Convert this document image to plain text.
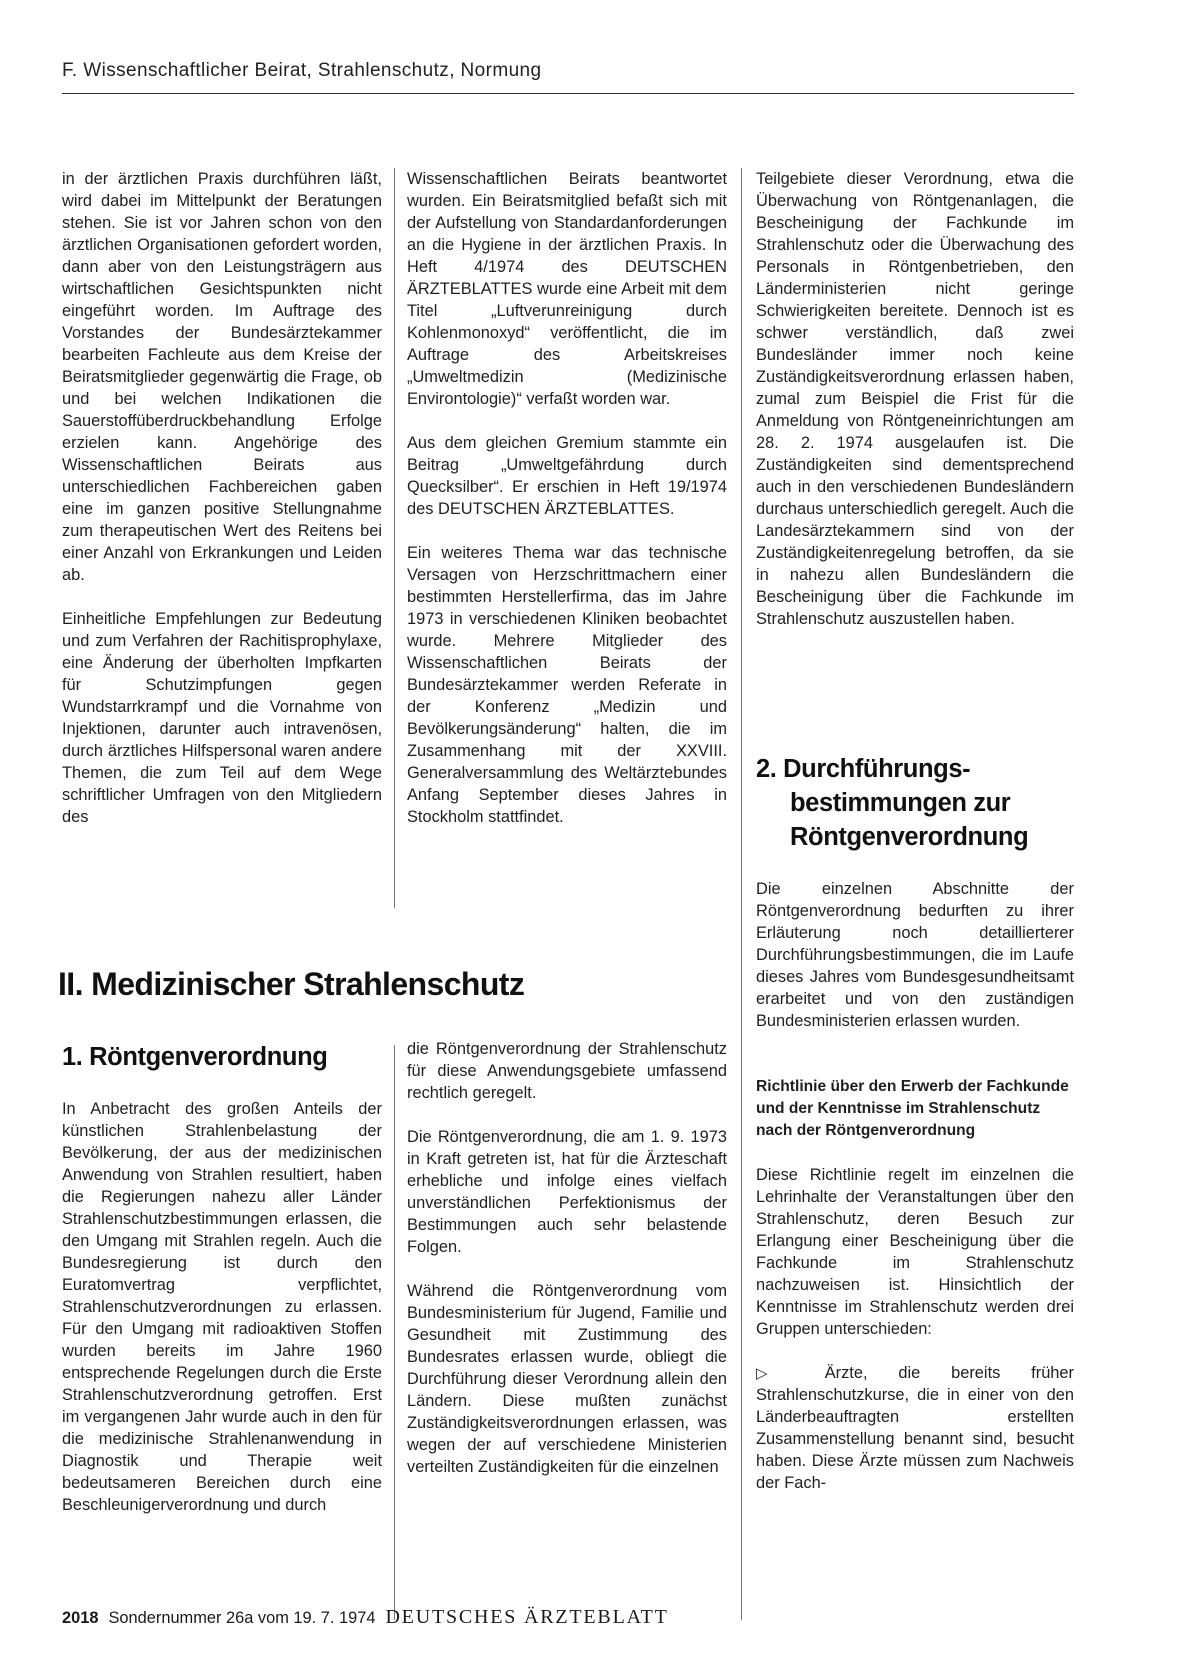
F. Wissenschaftlicher Beirat, Strahlenschutz, Normung

in der ärztlichen Praxis durchführen läßt, wird dabei im Mittelpunkt der Beratungen stehen. Sie ist vor Jahren schon von den ärztlichen Organisationen gefordert worden, dann aber von den Leistungsträgern aus wirtschaftlichen Gesichtspunkten nicht eingeführt worden. Im Auftrage des Vorstandes der Bundesärztekammer bearbeiten Fachleute aus dem Kreise der Beiratsmitglieder gegenwärtig die Frage, ob und bei welchen Indikationen die Sauerstoffüberdruckbehandlung Erfolge erzielen kann. Angehörige des Wissenschaftlichen Beirats aus unterschiedlichen Fachbereichen gaben eine im ganzen positive Stellungnahme zum therapeutischen Wert des Reitens bei einer Anzahl von Erkrankungen und Leiden ab.

Einheitliche Empfehlungen zur Bedeutung und zum Verfahren der Rachitisprophylaxe, eine Änderung der überholten Impfkarten für Schutzimpfungen gegen Wundstarrkrampf und die Vornahme von Injektionen, darunter auch intravenösen, durch ärztliches Hilfspersonal waren andere Themen, die zum Teil auf dem Wege schriftlicher Umfragen von den Mitgliedern des

Wissenschaftlichen Beirats beantwortet wurden. Ein Beiratsmitglied befaßt sich mit der Aufstellung von Standardanforderungen an die Hygiene in der ärztlichen Praxis. In Heft 4/1974 des DEUTSCHEN ÄRZTEBLATTES wurde eine Arbeit mit dem Titel „Luftverunreinigung durch Kohlenmonoxyd“ veröffentlicht, die im Auftrage des Arbeitskreises „Umweltmedizin (Medizinische Environtologie)“ verfaßt worden war.

Aus dem gleichen Gremium stammte ein Beitrag „Umweltgefährdung durch Quecksilber“. Er erschien in Heft 19/1974 des DEUTSCHEN ÄRZTEBLATTES.

Ein weiteres Thema war das technische Versagen von Herzschrittmachern einer bestimmten Herstellerfirma, das im Jahre 1973 in verschiedenen Kliniken beobachtet wurde. Mehrere Mitglieder des Wissenschaftlichen Beirats der Bundesärztekammer werden Referate in der Konferenz „Medizin und Bevölkerungsänderung“ halten, die im Zusammenhang mit der XXVIII. Generalversammlung des Weltärztebundes Anfang September dieses Jahres in Stockholm stattfindet.

Teilgebiete dieser Verordnung, etwa die Überwachung von Röntgenanlagen, die Bescheinigung der Fachkunde im Strahlenschutz oder die Überwachung des Personals in Röntgenbetrieben, den Länderministerien nicht geringe Schwierigkeiten bereitete. Dennoch ist es schwer verständlich, daß zwei Bundesländer immer noch keine Zuständigkeitsverordnung erlassen haben, zumal zum Beispiel die Frist für die Anmeldung von Röntgeneinrichtungen am 28. 2. 1974 ausgelaufen ist. Die Zuständigkeiten sind dementsprechend auch in den verschiedenen Bundesländern durchaus unterschiedlich geregelt. Auch die Landesärztekammern sind von der Zuständigkeitenregelung betroffen, da sie in nahezu allen Bundesländern die Bescheinigung über die Fachkunde im Strahlenschutz auszustellen haben.

2. Durchführungs-
bestimmungen zur
Röntgenverordnung

Die einzelnen Abschnitte der Röntgenverordnung bedurften zu ihrer Erläuterung noch detaillierterer Durchführungsbestimmungen, die im Laufe dieses Jahres vom Bundesgesundheitsamt erarbeitet und von den zuständigen Bundesministerien erlassen wurden.

Richtlinie über den Erwerb der Fachkunde und der Kenntnisse im Strahlenschutz nach der Röntgenverordnung

Diese Richtlinie regelt im einzelnen die Lehrinhalte der Veranstaltungen über den Strahlenschutz, deren Besuch zur Erlangung einer Bescheinigung über die Fachkunde im Strahlenschutz nachzuweisen ist. Hinsichtlich der Kenntnisse im Strahlenschutz werden drei Gruppen unterschieden:

▷ Ärzte, die bereits früher Strahlenschutzkurse, die in einer von den Länderbeauftragten erstellten Zusammenstellung benannt sind, besucht haben. Diese Ärzte müssen zum Nachweis der Fach-

II. Medizinischer Strahlenschutz
1. Röntgenverordnung

In Anbetracht des großen Anteils der künstlichen Strahlenbelastung der Bevölkerung, der aus der medizinischen Anwendung von Strahlen resultiert, haben die Regierungen nahezu aller Länder Strahlenschutzbestimmungen erlassen, die den Umgang mit Strahlen regeln. Auch die Bundesregierung ist durch den Euratomvertrag verpflichtet, Strahlenschutzverordnungen zu erlassen. Für den Umgang mit radioaktiven Stoffen wurden bereits im Jahre 1960 entsprechende Regelungen durch die Erste Strahlenschutzverordnung getroffen. Erst im vergangenen Jahr wurde auch in den für die medizinische Strahlenanwendung in Diagnostik und Therapie weit bedeutsameren Bereichen durch eine Beschleunigerverordnung und durch

die Röntgenverordnung der Strahlenschutz für diese Anwendungsgebiete umfassend rechtlich geregelt.

Die Röntgenverordnung, die am 1. 9. 1973 in Kraft getreten ist, hat für die Ärzteschaft erhebliche und infolge eines vielfach unverständlichen Perfektionismus der Bestimmungen auch sehr belastende Folgen.

Während die Röntgenverordnung vom Bundesministerium für Jugend, Familie und Gesundheit mit Zustimmung des Bundesrates erlassen wurde, obliegt die Durchführung dieser Verordnung allein den Ländern. Diese mußten zunächst Zuständigkeitsverordnungen erlassen, was wegen der auf verschiedene Ministerien verteilten Zuständigkeiten für die einzelnen

2018 Sondernummer 26a vom 19. 7. 1974 DEUTSCHES ÄRZTEBLATT
